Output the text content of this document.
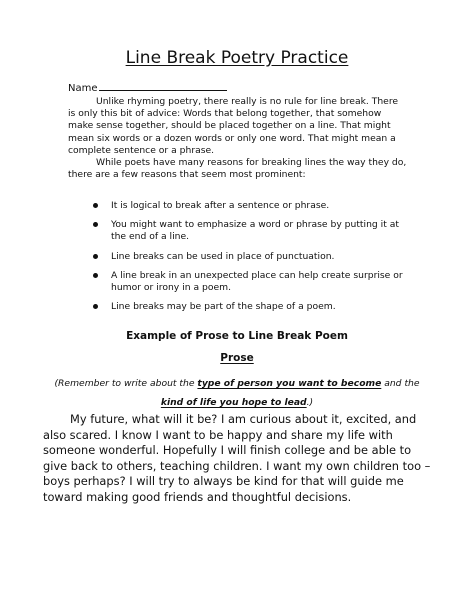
Line Break Poetry Practice
Name

Unlike rhyming poetry, there really is no rule for line break. There is only this bit of advice: Words that belong together, that somehow make sense together, should be placed together on a line. That might mean six words or a dozen words or only one word. That might mean a complete sentence or a phrase.

While poets have many reasons for breaking lines the way they do, there are a few reasons that seem most prominent:

It is logical to break after a sentence or phrase.
You might want to emphasize a word or phrase by putting it at the end of a line.
Line breaks can be used in place of punctuation.
A line break in an unexpected place can help create surprise or humor or irony in a poem.
Line breaks may be part of the shape of a poem.
Example of Prose to Line Break Poem
Prose
(Remember to write about the type of person you want to become and the
kind of life you hope to lead.)

My future, what will it be? I am curious about it, excited, and also scared. I know I want to be happy and share my life with someone wonderful. Hopefully I will finish college and be able to give back to others, teaching children. I want my own children too – boys perhaps? I will try to always be kind for that will guide me toward making good friends and thoughtful decisions.
